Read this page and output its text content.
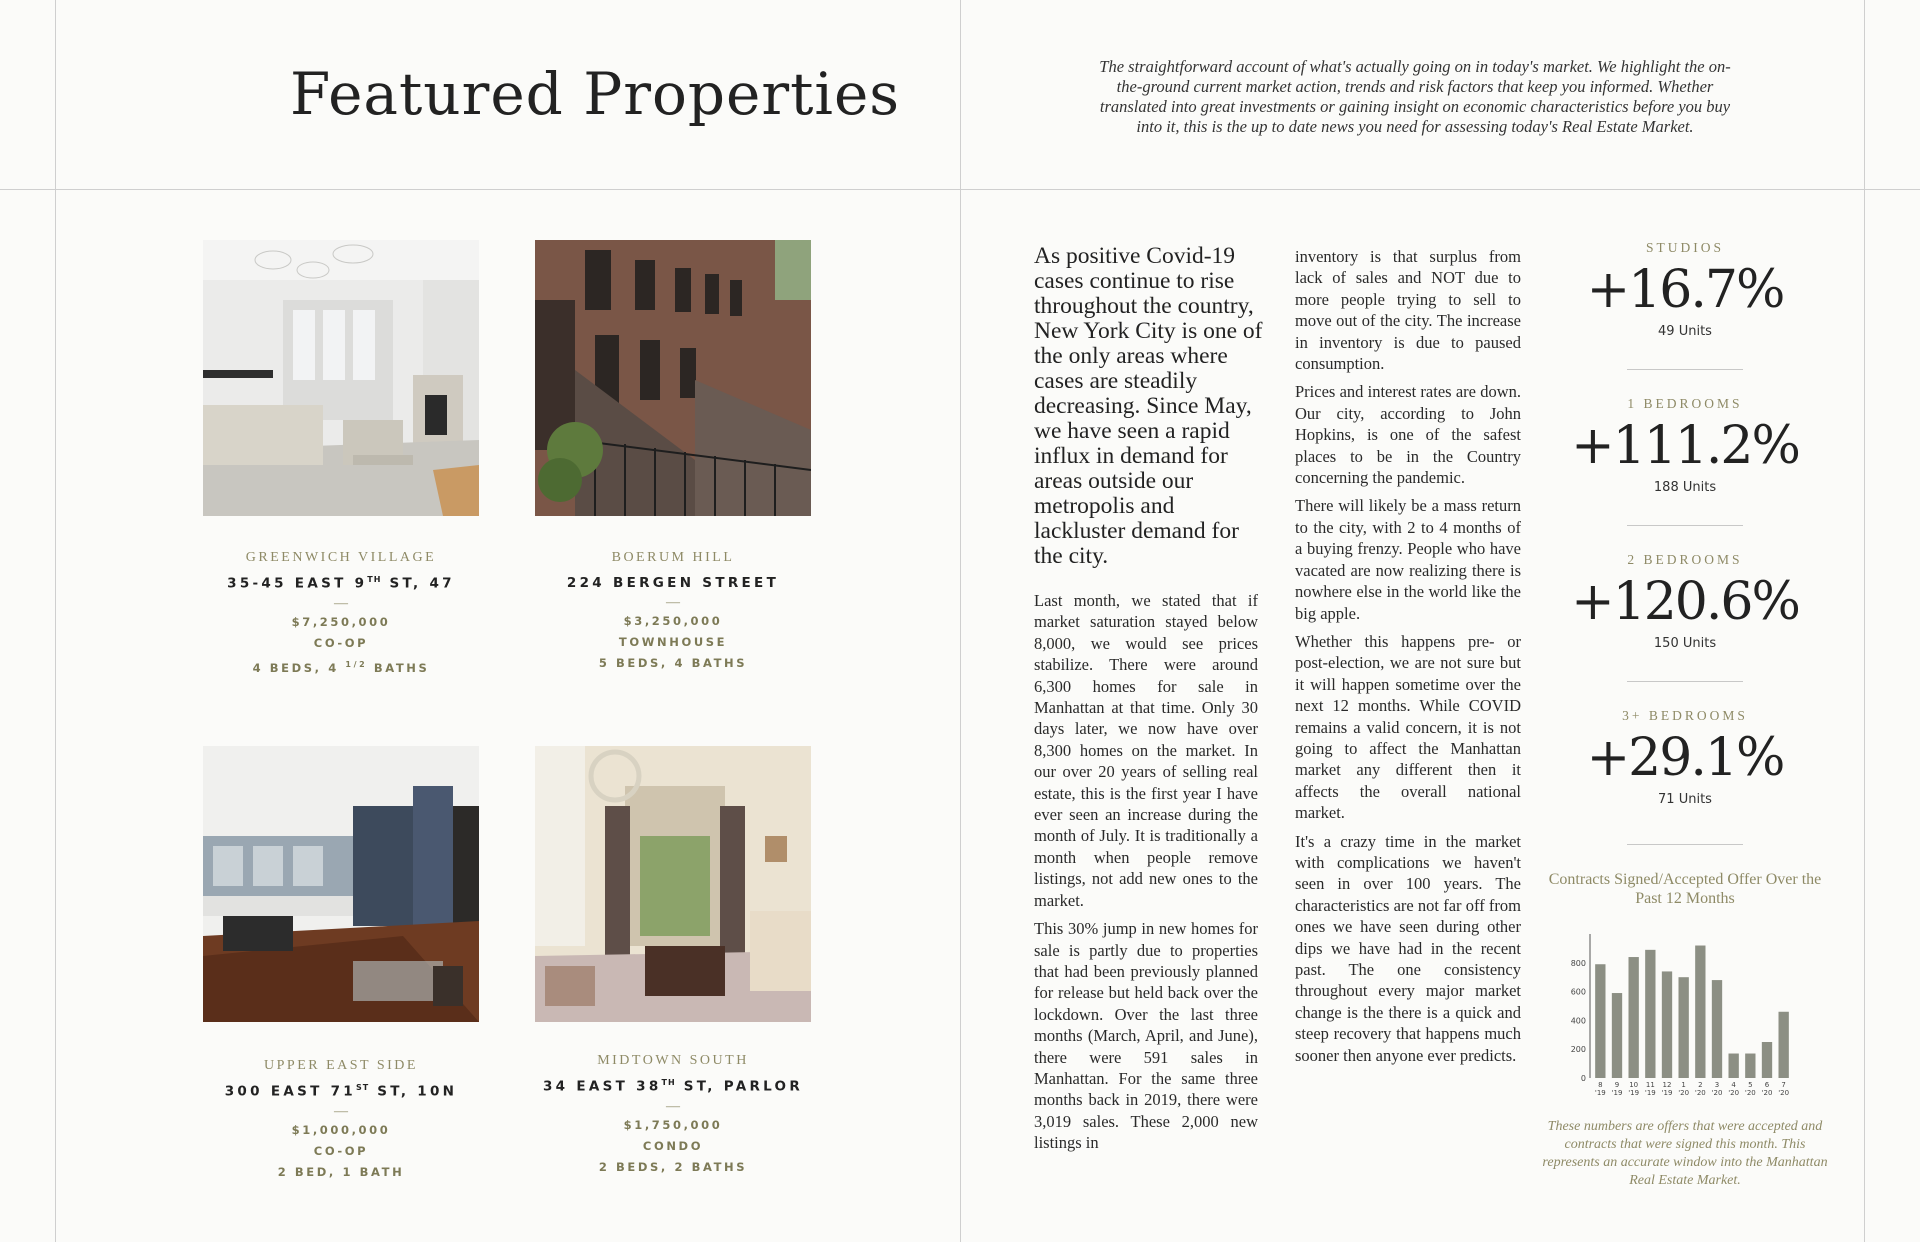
Featured Properties	The straightforward account of what's actually going on in today's market. We highlight the on-the-ground current market action, trends and risk factors that keep you informed. Whether translated into great investments or gaining insight on economic characteristics before you buy into it, this is the up to date news you need for assessing today's Real Estate Market.
GREENWICH VILLAGE
35-45 EAST 9TH ST, 47
—
$7,250,000
CO-OP
4 BEDS, 4 $^{1/2}$ BATHS
BOERUM HILL
224 BERGEN STREET
—
$3,250,000
TOWNHOUSE
5 BEDS, 4 BATHS
UPPER EAST SIDE
300 EAST 71ST ST, 10N
—
$1,000,000
CO-OP
2 BED, 1 BATH
MIDTOWN SOUTH
34 EAST 38TH ST, PARLOR
—
$1,750,000
CONDO
2 BEDS, 2 BATHS
As positive Covid-19 cases continue to rise throughout the country, New York City is one of the only areas where cases are steadily decreasing. Since May, we have seen a rapid influx in demand for areas outside our metropolis and lackluster demand for the city.

Last month, we stated that if market saturation stayed below 8,000, we would see prices stabilize. There were around 6,300 homes for sale in Manhattan at that time. Only 30 days later, we now have over 8,300 homes on the market. In our over 20 years of selling real estate, this is the first year I have ever seen an increase during the month of July. It is traditionally a month when people remove listings, not add new ones to the market.

This 30% jump in new homes for sale is partly due to properties that had been previously planned for release but held back over the lockdown. Over the last three months (March, April, and June), there were 591 sales in Manhattan. For the same three months back in 2019, there were 3,019 sales. These 2,000 new listings in

inventory is that surplus from lack of sales and NOT due to more people trying to sell to move out of the city. The increase in inventory is due to paused consumption.

Prices and interest rates are down. Our city, according to John Hopkins, is one of the safest places to be in the Country concerning the pandemic.

There will likely be a mass return to the city, with 2 to 4 months of a buying frenzy. People who have vacated are now realizing there is nowhere else in the world like the big apple.

Whether this happens pre- or post-election, we are not sure but it will happen sometime over the next 12 months. While COVID remains a valid concern, it is not going to affect the Manhattan market any different then it affects the overall national market.

It's a crazy time in the market with complications we haven't seen in over 100 years. The characteristics are not far off from ones we have seen during other dips we have had in the recent past. The one consistency throughout every major market change is the there is a quick and steep recovery that happens much sooner then anyone ever predicts.

STUDIOS
+16.7%
49 Units
1 BEDROOMS
+111.2%
188 Units
2 BEDROOMS
+120.6%
150 Units
3+ BEDROOMS
+29.1%
71 Units
Contracts Signed/Accepted Offer Over the Past 12 Months
0
200
400
600
800
8
'19
9
'19
10
'19
11
'19
12
'19
1
'20
2
'20
3
'20
4
'20
5
'20
6
'20
7
'20
These numbers are offers that were accepted and contracts that were signed this month. This represents an accurate window into the Manhattan Real Estate Market.
